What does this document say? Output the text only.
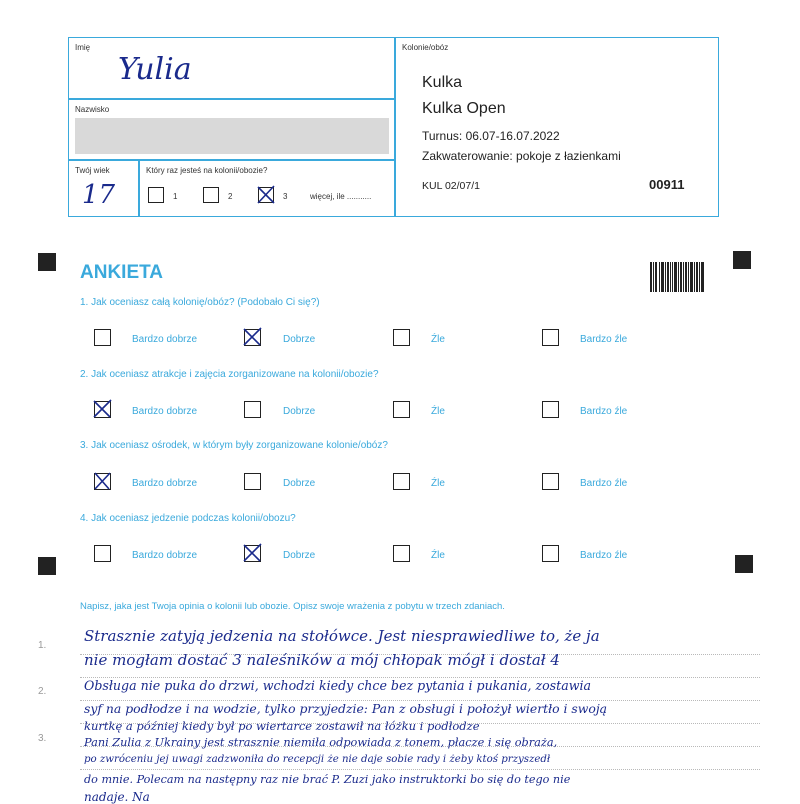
Imię
Yulia
Nazwisko
Twój wiek
17
Który raz jesteś na kolonii/obozie?
1	2	3	więcej, ile ...........
Kolonie/obóz
Kulka
Kulka Open
Turnus: 06.07-16.07.2022
Zakwaterowanie: pokoje z łazienkami
KUL 02/07/1	00911
ANKIETA
1. Jak oceniasz całą kolonię/obóz? (Podobało Ci się?)
Bardzo dobrze	Dobrze	Źle	Bardzo źle
2. Jak oceniasz atrakcje i zajęcia zorganizowane na kolonii/obozie?
Bardzo dobrze	Dobrze	Źle	Bardzo źle
3. Jak oceniasz ośrodek, w którym były zorganizowane kolonie/obóz?
Bardzo dobrze	Dobrze	Źle	Bardzo źle
4. Jak oceniasz jedzenie podczas kolonii/obozu?
Bardzo dobrze	Dobrze	Źle	Bardzo źle
Napisz, jaka jest Twoja opinia o kolonii lub obozie. Opisz swoje wrażenia z pobytu w trzech zdaniach.
1.
2.
3.
Strasznie zatyją jedzenia na stołówce. Jest niesprawiedliwe to, że ja
nie mogłam dostać 3 naleśników a mój chłopak mógł i dostał 4
Obsługa nie puka do drzwi, wchodzi kiedy chce bez pytania i pukania, zostawia
syf na podłodze i na wodzie, tylko przyjedzie: Pan z obsługi i położył wiertło i swoją
kurtkę a później kiedy był po wiertarce zostawił na łóżku i podłodze
Pani Zulia z Ukrainy jest strasznie niemiła odpowiada z tonem, płacze i się obraża,
po zwróceniu jej uwagi zadzwoniła do recepcji że nie daje sobie rady i żeby ktoś przyszedł
do mnie. Polecam na następny raz nie brać P. Zuzi jako instruktorki bo się do tego nie
nadaje. Na
